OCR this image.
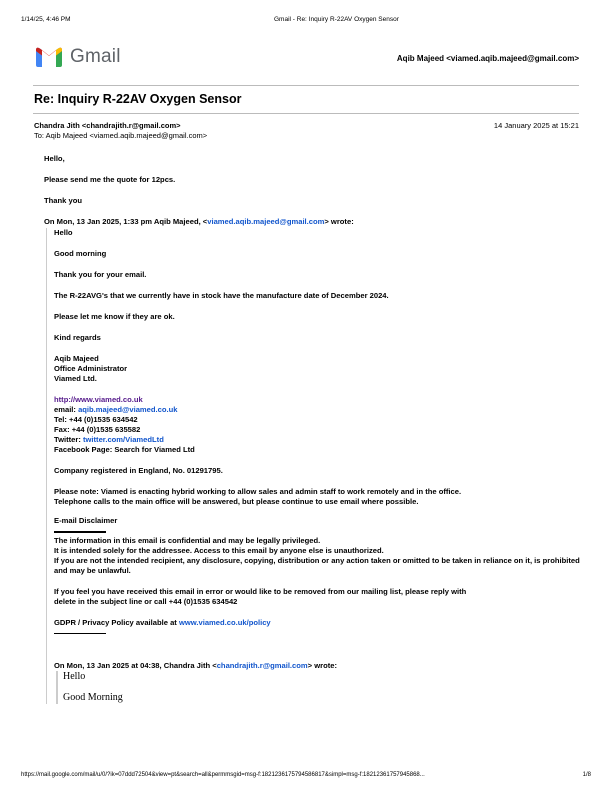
1/14/25, 4:46 PM	Gmail - Re: Inquiry R-22AV Oxygen Sensor
Gmail	Aqib Majeed <viamed.aqib.majeed@gmail.com>
Re: Inquiry R-22AV Oxygen Sensor
Chandra Jith <chandrajith.r@gmail.com>
To: Aqib Majeed <viamed.aqib.majeed@gmail.com>
14 January 2025 at 15:21

Hello,

Please send me the quote for 12pcs.

Thank you

On Mon, 13 Jan 2025, 1:33 pm Aqib Majeed, <viamed.aqib.majeed@gmail.com> wrote:

Hello

Good morning

Thank you for your email.

The R-22AVG's that we currently have in stock have the manufacture date of December 2024.

Please let me know if they are ok.

Kind regards

Aqib Majeed
Office Administrator
Viamed Ltd.

http://www.viamed.co.uk
email: aqib.majeed@viamed.co.uk
Tel: +44 (0)1535 634542
Fax: +44 (0)1535 635582
Twitter: twitter.com/ViamedLtd
Facebook Page: Search for Viamed Ltd

Company registered in England, No. 01291795.

Please note: Viamed is enacting hybrid working to allow sales and admin staff to work remotely and in the office.
Telephone calls to the main office will be answered, but please continue to use email where possible.

E-mail Disclaimer

The information in this email is confidential and may be legally privileged.
It is intended solely for the addressee. Access to this email by anyone else is unauthorized.
If you are not the intended recipient, any disclosure, copying, distribution or any action taken or omitted to be taken in reliance on it, is prohibited and may be unlawful.

If you feel you have received this email in error or would like to be removed from our mailing list, please reply with
delete in the subject line or call +44 (0)1535 634542

GDPR / Privacy Policy available at www.viamed.co.uk/policy
On Mon, 13 Jan 2025 at 04:38, Chandra Jith <chandrajith.r@gmail.com> wrote:

Hello

Good Morning

https://mail.google.com/mail/u/0/?ik=07ddd72504&view=pt&search=all&permmsgid=msg-f:1821236175794586817&simpl=msg-f:18212361757945868...	1/8
